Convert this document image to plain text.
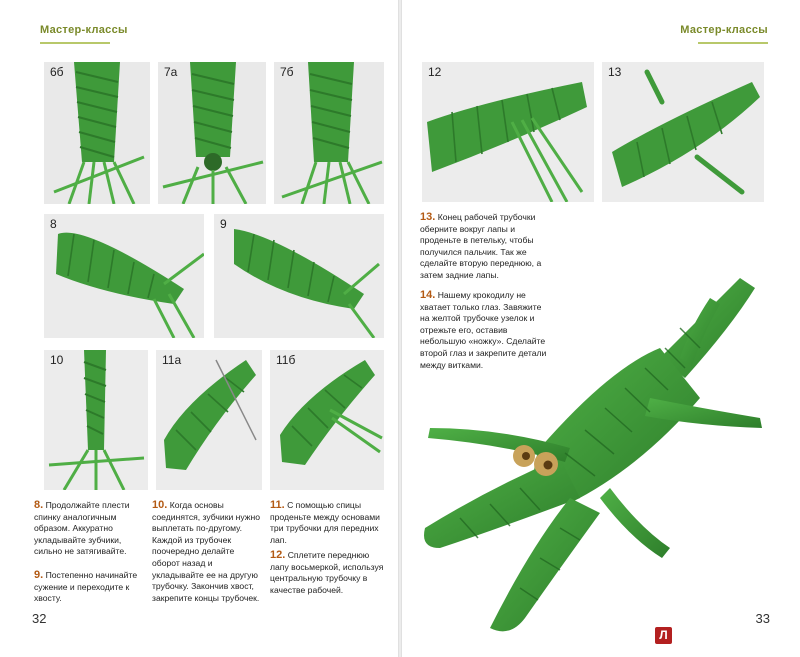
Мастер-классы
6б	7а	7б
8	9
10	11а	11б
8. Продолжайте плести спинку аналогичным образом. Аккуратно укладывайте зубчики, сильно не затягивайте.
9. Постепенно начинайте сужение и переходите к хвосту.
10. Когда основы соединятся, зубчики нужно выплетать по-другому. Каждой из трубочек поочередно делайте оборот назад и укладывайте ее на другую трубочку. Закончив хвост, закрепите концы трубочек.
11. С помощью спицы проденьте между основами три трубочки для передних лап.
12. Сплетите переднюю лапу восьмеркой, используя центральную трубочку в качестве рабочей.
32
Мастер-классы
12	13
13. Конец рабочей трубочки оберните вокруг лапы и проденьте в петельку, чтобы получился пальчик. Так же сделайте вторую переднюю, а затем задние лапы.
14. Нашему крокодилу не хватает только глаз. Завяжите на желтой трубочке узелок и отрежьте его, оставив небольшую «ножку». Сделайте второй глаз и закрепите детали между витками.
33
Л
